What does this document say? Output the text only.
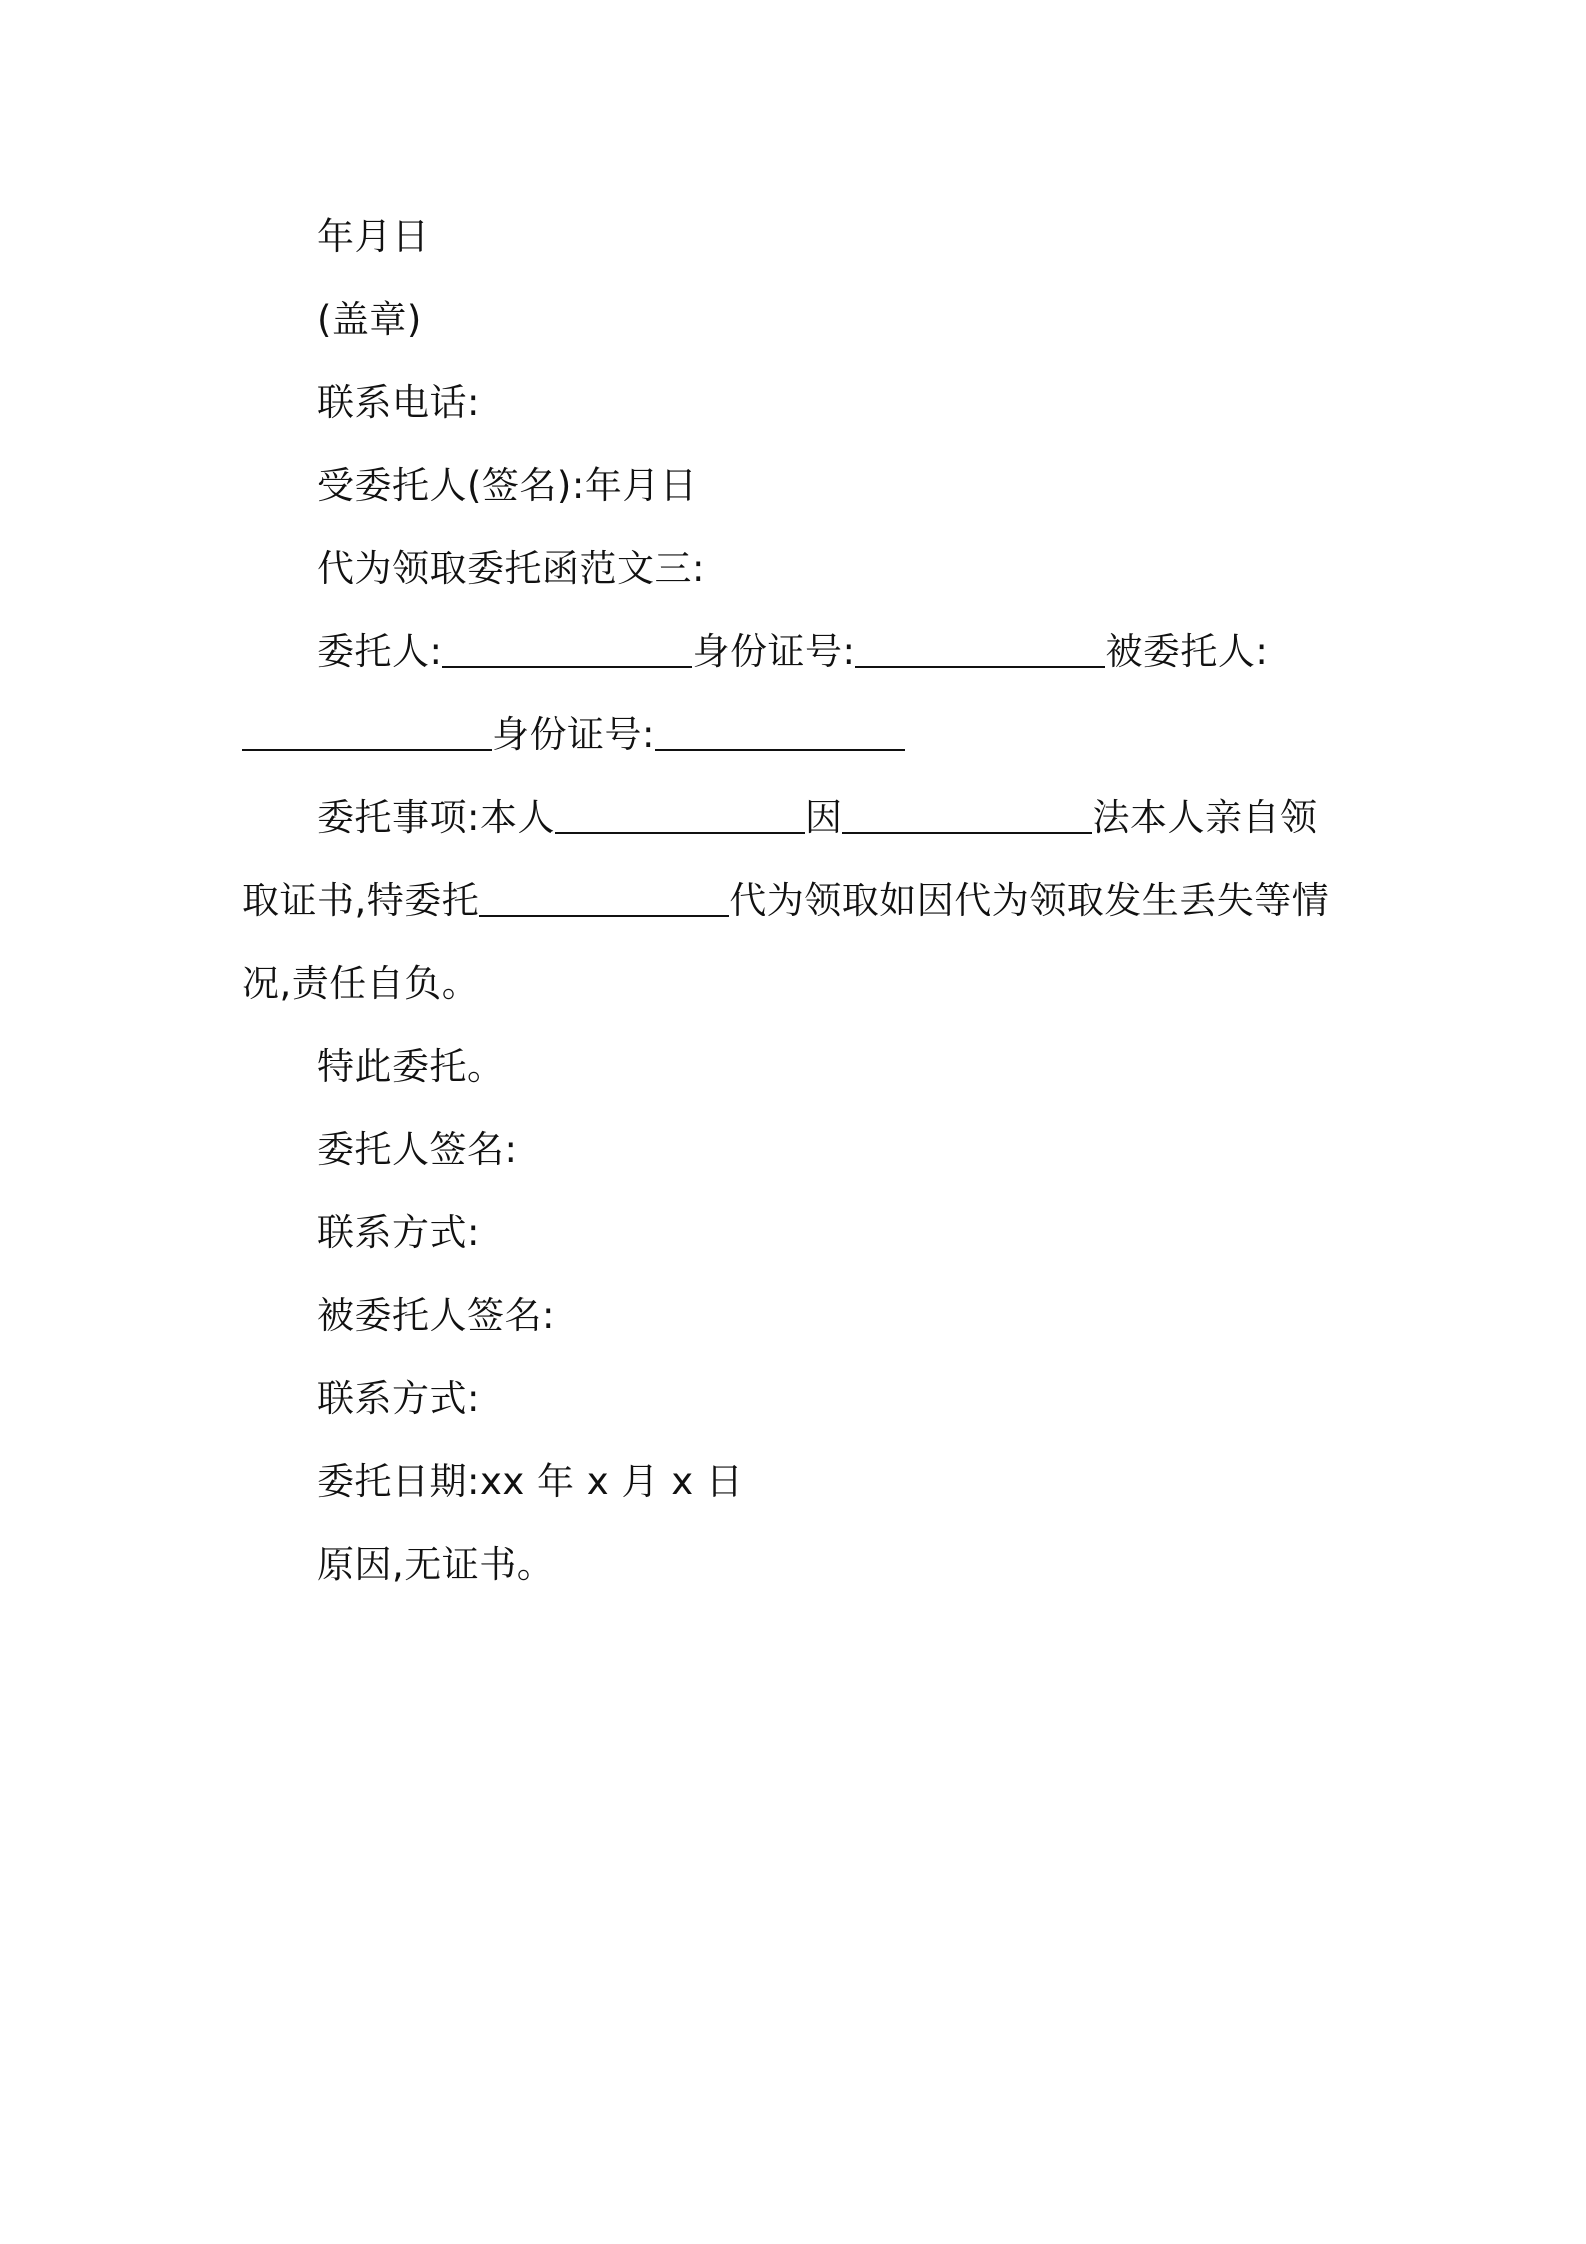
年月日
(盖章)
联系电话:
受委托人(签名):年月日
代为领取委托函范文三:
委托人:	身份证号:	被委托人:
身份证号:
委托事项:本人	因	法本人亲自领
取证书,特委托	代为领取如因代为领取发生丢失等情
况,责任自负。
特此委托。
委托人签名:
联系方式:
被委托人签名:
联系方式:
委托日期:xx 年 x 月 x 日
原因,无证书。
